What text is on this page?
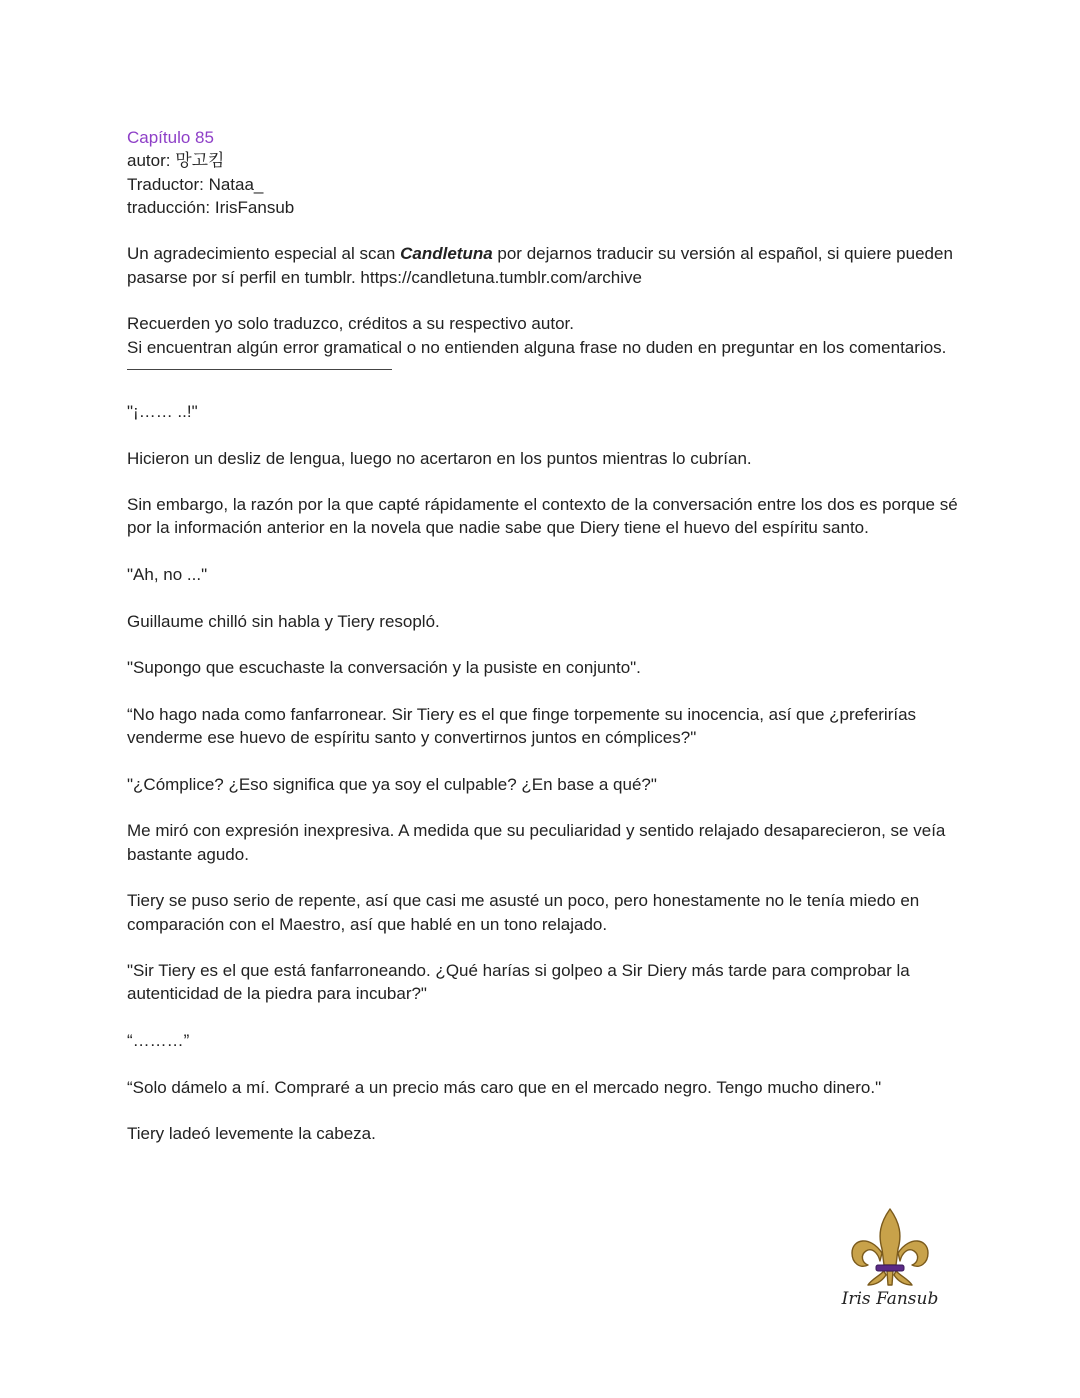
Capítulo 85
autor: 망고킴
Traductor: Nataa_
traducción: IrisFansub

Un agradecimiento especial al scan Candletuna por dejarnos traducir su versión al español, si quiere pueden pasarse por sí perfil en tumblr. https://candletuna.tumblr.com/archive

Recuerden yo solo traduzco, créditos a su respectivo autor.
Si encuentran algún error gramatical o no entienden alguna frase no duden en preguntar en los comentarios.

"¡…… ..!"

Hicieron un desliz de lengua, luego no acertaron en los puntos mientras lo cubrían.

Sin embargo, la razón por la que capté rápidamente el contexto de la conversación entre los dos es porque sé por la información anterior en la novela que nadie sabe que Diery tiene el huevo del espíritu santo.

"Ah, no ..."

Guillaume chilló sin habla y Tiery resopló.

"Supongo que escuchaste la conversación y la pusiste en conjunto".

“No hago nada como fanfarronear. Sir Tiery es el que finge torpemente su inocencia, así que ¿preferirías venderme ese huevo de espíritu santo y convertirnos juntos en cómplices?"

"¿Cómplice? ¿Eso significa que ya soy el culpable? ¿En base a qué?"

Me miró con expresión inexpresiva. A medida que su peculiaridad y sentido relajado desaparecieron, se veía bastante agudo.

Tiery se puso serio de repente, así que casi me asusté un poco, pero honestamente no le tenía miedo en comparación con el Maestro, así que hablé en un tono relajado.

"Sir Tiery es el que está fanfarroneando. ¿Qué harías si golpeo a Sir Diery más tarde para comprobar la autenticidad de la piedra para incubar?"

“………”

“Solo dámelo a mí. Compraré a un precio más caro que en el mercado negro. Tengo mucho dinero."

Tiery ladeó levemente la cabeza.

Iris Fansub
